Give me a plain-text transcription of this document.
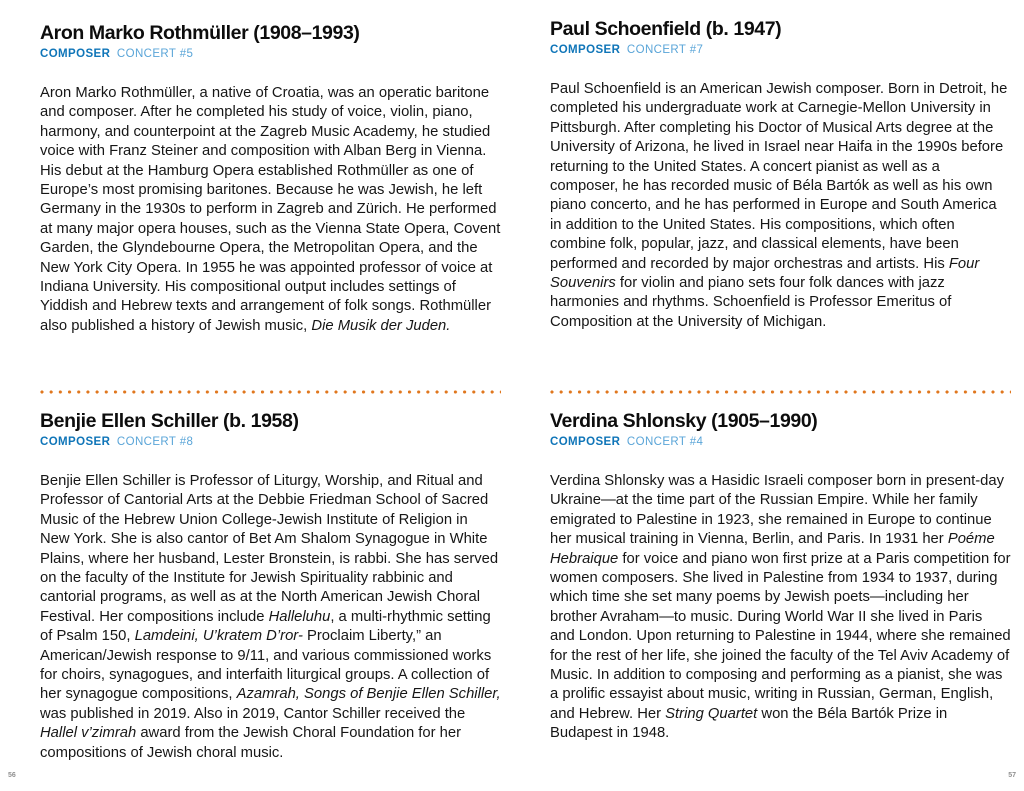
Aron Marko Rothmüller (1908–1993)
COMPOSER CONCERT #5

Aron Marko Rothmüller, a native of Croatia, was an operatic baritone and composer. After he completed his study of voice, violin, piano, harmony, and counterpoint at the Zagreb Music Academy, he studied voice with Franz Steiner and composition with Alban Berg in Vienna. His debut at the Hamburg Opera established Rothmüller as one of Europe’s most promising baritones. Because he was Jewish, he left Germany in the 1930s to perform in Zagreb and Zürich. He performed at many major opera houses, such as the Vienna State Opera, Covent Garden, the Glyndebourne Opera, the Metropolitan Opera, and the New York City Opera. In 1955 he was appointed professor of voice at Indiana University. His compositional output includes settings of Yiddish and Hebrew texts and arrangement of folk songs. Rothmüller also published a history of Jewish music, Die Musik der Juden.

Benjie Ellen Schiller (b. 1958)
COMPOSER CONCERT #8

Benjie Ellen Schiller is Professor of Liturgy, Worship, and Ritual and Professor of Cantorial Arts at the Debbie Friedman School of Sacred Music of the Hebrew Union College-Jewish Institute of Religion in New York. She is also cantor of Bet Am Shalom Synagogue in White Plains, where her husband, Lester Bronstein, is rabbi. She has served on the faculty of the Institute for Jewish Spirituality rabbinic and cantorial programs, as well as at the North American Jewish Choral Festival. Her compositions include Halleluhu, a multi-rhythmic setting of Psalm 150, Lamdeini, U’kratem D’ror- Proclaim Liberty,” an American/Jewish response to 9/11, and various commissioned works for choirs, synagogues, and interfaith liturgical groups. A collection of her synagogue compositions, Azamrah, Songs of Benjie Ellen Schiller, was published in 2019. Also in 2019, Cantor Schiller received the Hallel v’zimrah award from the Jewish Choral Foundation for her compositions of Jewish choral music.

Paul Schoenfield (b. 1947)
COMPOSER CONCERT #7

Paul Schoenfield is an American Jewish composer. Born in Detroit, he completed his undergraduate work at Carnegie-Mellon University in Pittsburgh. After completing his Doctor of Musical Arts degree at the University of Arizona, he lived in Israel near Haifa in the 1990s before returning to the United States. A concert pianist as well as a composer, he has recorded music of Béla Bartók as well as his own piano concerto, and he has performed in Europe and South America in addition to the United States. His compositions, which often combine folk, popular, jazz, and classical elements, have been performed and recorded by major orchestras and artists. His Four Souvenirs for violin and piano sets four folk dances with jazz harmonies and rhythms. Schoenfield is Professor Emeritus of Composition at the University of Michigan.

Verdina Shlonsky (1905–1990)
COMPOSER CONCERT #4

Verdina Shlonsky was a Hasidic Israeli composer born in present-day Ukraine—at the time part of the Russian Empire. While her family emigrated to Palestine in 1923, she remained in Europe to continue her musical training in Vienna, Berlin, and Paris. In 1931 her Poéme Hebraique for voice and piano won first prize at a Paris competition for women composers. She lived in Palestine from 1934 to 1937, during which time she set many poems by Jewish poets—including her brother Avraham—to music. During World War II she lived in Paris and London. Upon returning to Palestine in 1944, where she remained for the rest of her life, she joined the faculty of the Tel Aviv Academy of Music. In addition to composing and performing as a pianist, she was a prolific essayist about music, writing in Russian, German, English, and Hebrew. Her String Quartet won the Béla Bartók Prize in Budapest in 1948.

56	57
